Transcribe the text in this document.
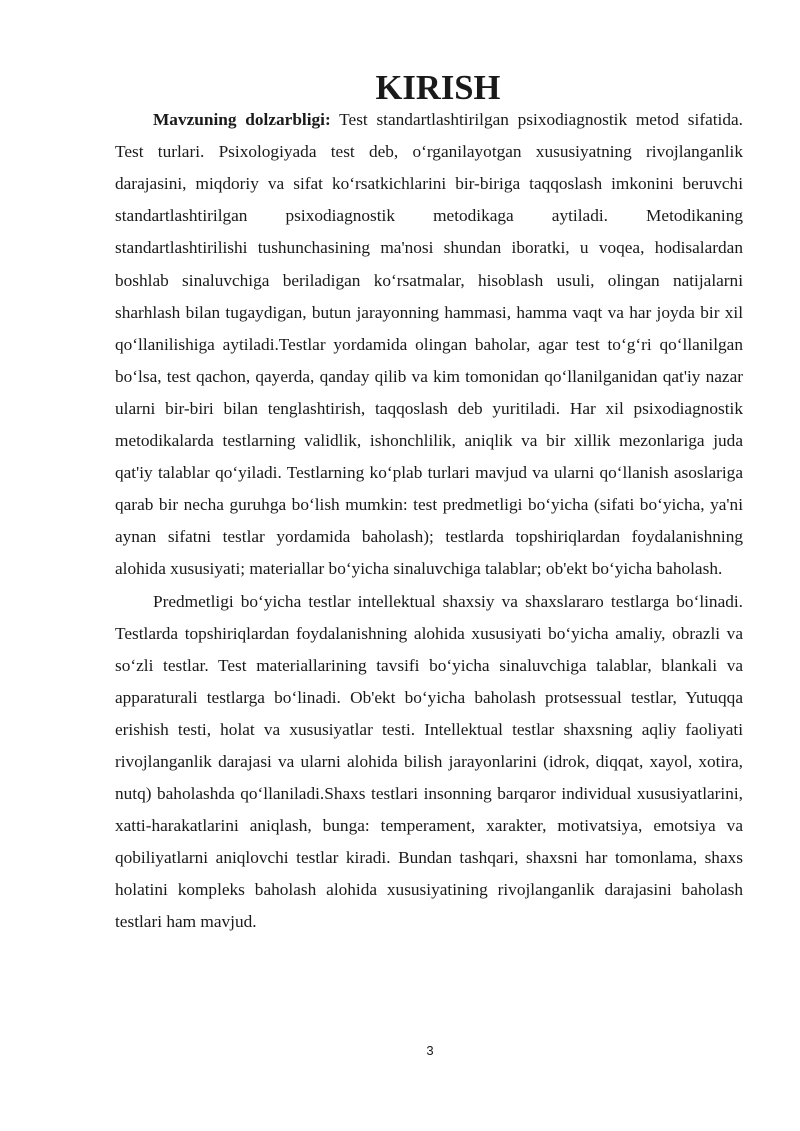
KIRISH

Mavzuning dolzarbligi: Test standartlashtirilgan psixodiagnostik metod sifatida. Test turlari. Psixologiyada test deb, o‘rganilayotgan xususiyatning rivojlanganlik darajasini, miqdoriy va sifat ko‘rsatkichlarini bir-biriga taqqoslash imkonini beruvchi standartlashtirilgan psixodiagnostik metodikaga aytiladi. Metodikaning standartlashtirilishi tushunchasining ma'nosi shundan iboratki, u voqea, hodisalardan boshlab sinaluvchiga beriladigan ko‘rsatmalar, hisoblash usuli, olingan natijalarni sharhlash bilan tugaydigan, butun jarayonning hammasi, hamma vaqt va har joyda bir xil qo‘llanilishiga aytiladi.Testlar yordamida olingan baholar, agar test to‘g‘ri qo‘llanilgan bo‘lsa, test qachon, qayerda, qanday qilib va kim tomonidan qo‘llanilganidan qat'iy nazar ularni bir-biri bilan tenglashtirish, taqqoslash deb yuritiladi. Har xil psixodiagnostik metodikalarda testlarning validlik, ishonchlilik, aniqlik va bir xillik mezonlariga juda qat'iy talablar qo‘yiladi. Testlarning ko‘plab turlari mavjud va ularni qo‘llanish asoslariga qarab bir necha guruhga bo‘lish mumkin: test predmetligi bo‘yicha (sifati bo‘yicha, ya'ni aynan sifatni testlar yordamida baholash); testlarda topshiriqlardan foydalanishning alohida xususiyati; materiallar bo‘yicha sinaluvchiga talablar; ob'ekt bo‘yicha baholash.

Predmetligi bo‘yicha testlar intellektual shaxsiy va shaxslararo testlarga bo‘linadi. Testlarda topshiriqlardan foydalanishning alohida xususiyati bo‘yicha amaliy, obrazli va so‘zli testlar. Test materiallarining tavsifi bo‘yicha sinaluvchiga talablar, blankali va apparaturali testlarga bo‘linadi. Ob'ekt bo‘yicha baholash protsessual testlar, Yutuqqa erishish testi, holat va xususiyatlar testi. Intellektual testlar shaxsning aqliy faoliyati rivojlanganlik darajasi va ularni alohida bilish jarayonlarini (idrok, diqqat, xayol, xotira, nutq) baholashda qo‘llaniladi.Shaxs testlari insonning barqaror individual xususiyatlarini, xatti-harakatlarini aniqlash, bunga: temperament, xarakter, motivatsiya, emotsiya va qobiliyatlarni aniqlovchi testlar kiradi. Bundan tashqari, shaxsni har tomonlama, shaxs holatini kompleks baholash alohida xususiyatining rivojlanganlik darajasini baholash testlari ham mavjud.

3
